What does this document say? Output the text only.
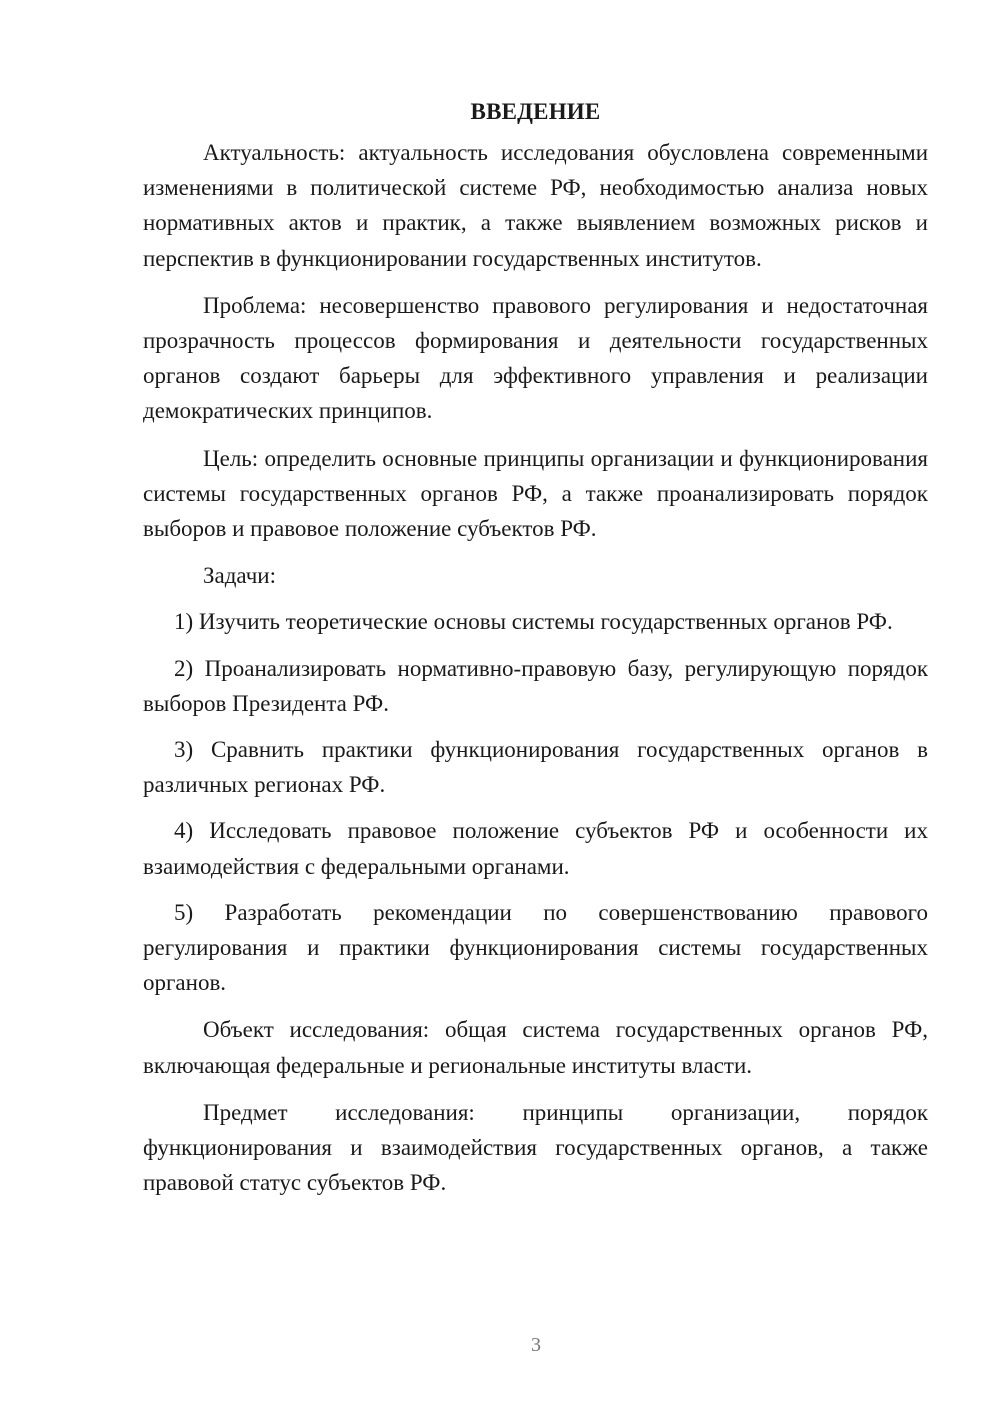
ВВЕДЕНИЕ

Актуальность: актуальность исследования обусловлена современными изменениями в политической системе РФ, необходимостью анализа новых нормативных актов и практик, а также выявлением возможных рисков и перспектив в функционировании государственных институтов.

Проблема: несовершенство правового регулирования и недостаточная прозрачность процессов формирования и деятельности государственных органов создают барьеры для эффективного управления и реализации демократических принципов.

Цель: определить основные принципы организации и функционирования системы государственных органов РФ, а также проанализировать порядок выборов и правовое положение субъектов РФ.

Задачи:

1) Изучить теоретические основы системы государственных органов РФ.

2) Проанализировать нормативно-правовую базу, регулирующую порядок выборов Президента РФ.

3) Сравнить практики функционирования государственных органов в различных регионах РФ.

4) Исследовать правовое положение субъектов РФ и особенности их взаимодействия с федеральными органами.

5) Разработать рекомендации по совершенствованию правового регулирования и практики функционирования системы государственных органов.

Объект исследования: общая система государственных органов РФ, включающая федеральные и региональные институты власти.

Предмет исследования: принципы организации, порядок функционирования и взаимодействия государственных органов, а также правовой статус субъектов РФ.

3
